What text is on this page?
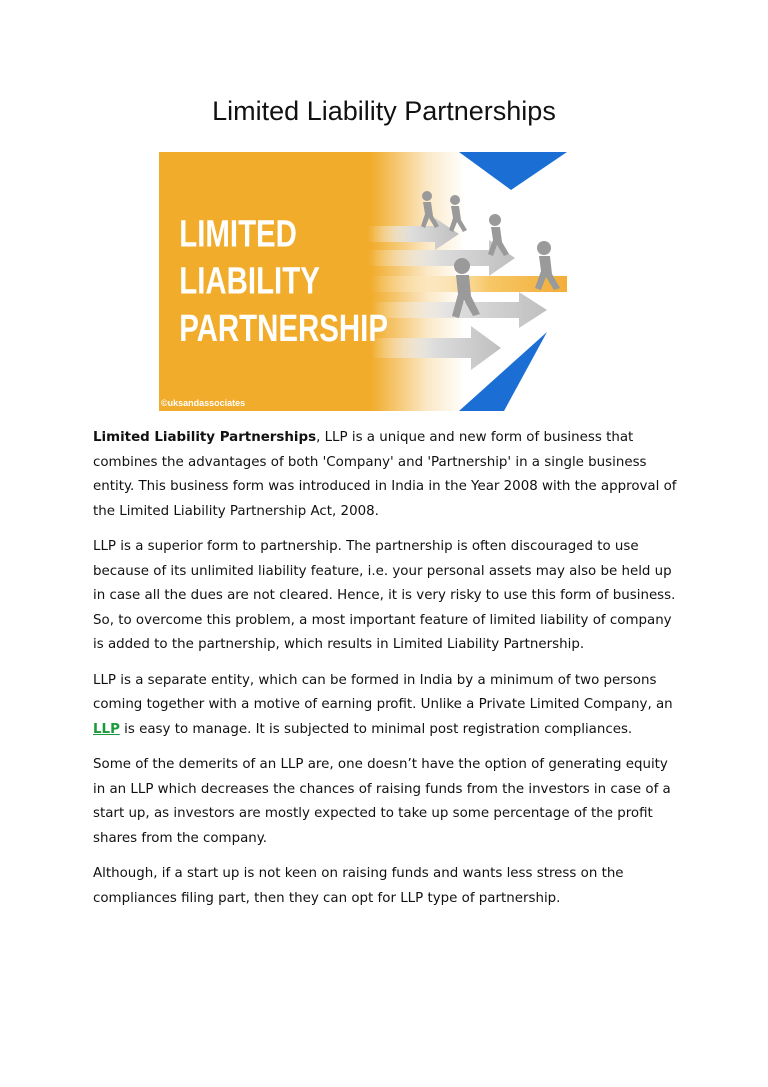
Limited Liability Partnerships
LIMITED
LIABILITY
PARTNERSHIP
©uksandassociates

Limited Liability Partnerships, LLP is a unique and new form of business that combines the advantages of both 'Company' and 'Partnership' in a single business entity. This business form was introduced in India in the Year 2008 with the approval of the Limited Liability Partnership Act, 2008.

LLP is a superior form to partnership. The partnership is often discouraged to use because of its unlimited liability feature, i.e. your personal assets may also be held up in case all the dues are not cleared. Hence, it is very risky to use this form of business. So, to overcome this problem, a most important feature of limited liability of company is added to the partnership, which results in Limited Liability Partnership.

LLP is a separate entity, which can be formed in India by a minimum of two persons coming together with a motive of earning profit. Unlike a Private Limited Company, an LLP is easy to manage. It is subjected to minimal post registration compliances.

Some of the demerits of an LLP are, one doesn’t have the option of generating equity in an LLP which decreases the chances of raising funds from the investors in case of a start up, as investors are mostly expected to take up some percentage of the profit shares from the company.

Although, if a start up is not keen on raising funds and wants less stress on the compliances filing part, then they can opt for LLP type of partnership.
